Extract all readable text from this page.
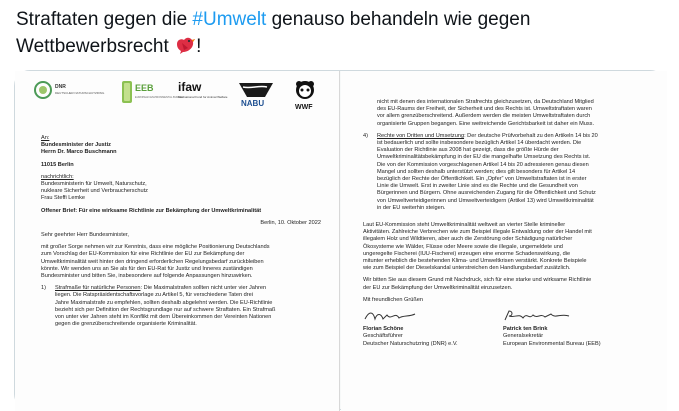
Straftaten gegen die #Umwelt genauso behandeln wie gegen Wettbewerbsrecht !
DNR
DEUTSCHER NATURSCHUTZRING	EEB
EUROPEAN ENVIRONMENTAL BUREAU
ifaw
International Fund for Animal Welfare
NABU	WWF

An:
Bundesminister der Justiz
Herrn Dr. Marco Buschmann

11015 Berlin

nachrichtlich:
Bundesministerin für Umwelt, Naturschutz,
nukleare Sicherheit und Verbraucherschutz
Frau Steffi Lemke

Offener Brief: Für eine wirksame Richtlinie zur Bekämpfung der Umweltkriminalität

Berlin, 10. Oktober 2022

Sehr geehrter Herr Bundesminister,

mit großer Sorge nehmen wir zur Kenntnis, dass eine mögliche Positionierung Deutschlands
zum Vorschlag der EU-Kommission für eine Richtlinie der EU zur Bekämpfung der
Umweltkriminalität weit hinter den dringend erforderlichen Regelungsbedarf zurückbleiben
könnte. Wir wenden uns an Sie als für den EU-Rat für Justiz und Inneres zuständigen
Bundesminister und bitten Sie, insbesondere auf folgende Anpassungen hinzuwirken.

1) Strafmaße für natürliche Personen: Die Maximalstrafen sollten nicht unter vier Jahren
liegen. Die Ratspräsidentschaftsvorlage zu Artikel 5, für verschiedene Taten drei
Jahre Maximalstrafe zu empfehlen, sollten deshalb abgelehnt werden. Die EU-Richtlinie
bezieht sich per Definition der Rechtsgrundlage nur auf schwere Straftaten. Ein Strafmaß
von unter vier Jahren steht im Konflikt mit dem Übereinkommen der Vereinten Nationen
gegen die grenzüberschreitende organisierte Kriminalität.

nicht mit denen des internationalen Strafrechts gleichzusetzen, da Deutschland Mitglied
des EU-Raums der Freiheit, der Sicherheit und des Rechts ist. Umweltstraftaten waren
vor allem grenzüberschreitend. Außerdem werden die meisten Umweltstraftaten durch
organisierte Gruppen begangen. Eine weitreichende Gerichtsbarkeit ist daher ein Muss.

4) Rechte von Dritten und Umsetzung: Der deutsche Prüfvorbehalt zu den Artikeln 14 bis 20
ist bedauerlich und sollte insbesondere bezüglich Artikel 14 überdacht werden. Die
Evaluation der Richtlinie aus 2008 hat gezeigt, dass die größte Hürde der
Umweltkriminalitätsbekämpfung in der EU die mangelhafte Umsetzung des Rechts ist.
Die von der Kommission vorgeschlagenen Artikel 14 bis 20 adressieren genau diesen
Mangel und sollten deshalb unterstützt werden; dies gilt besonders für Artikel 14
bezüglich der Rechte der Öffentlichkeit. Ein „Opfer“ von Umweltstraftaten ist in erster
Linie die Umwelt. Erst in zweiter Linie sind es die Rechte und die Gesundheit von
Bürgerinnen und Bürgern. Ohne ausreichenden Zugang für die Öffentlichkeit und Schutz
von Umweltverteidigerinnen und Umweltverteidigern (Artikel 13) wird Umweltkriminalität
in der EU weiterhin steigen.

Laut EU-Kommission steht Umweltkriminalität weltweit an vierter Stelle krimineller
Aktivitäten. Zahlreiche Verbrechen wie zum Beispiel illegale Entwaldung oder der Handel mit
illegalem Holz und Wildtieren, aber auch die Zerstörung oder Schädigung natürlicher
Ökosysteme wie Wälder, Flüsse oder Meere sowie die illegale, ungemeldete und
ungeregelte Fischerei (IUU-Fischerei) erzeugen eine enorme Schadenswirkung, die
mitunter erheblich die bestehenden Klima- und Umweltkrisen verstärkt. Konkrete Beispiele
wie zum Beispiel der Dieselskandal unterstreichen den Handlungsbedarf zusätzlich.

Wir bitten Sie aus diesem Grund mit Nachdruck, sich für eine starke und wirksame Richtlinie
der EU zur Bekämpfung der Umweltkriminalität einzusetzen.

Mit freundlichen Grüßen

Florian Schöne
Geschäftsführer
Deutscher Naturschutzring (DNR) e.V.
Patrick ten Brink
Generalsekretär
European Environmental Bureau (EEB)
